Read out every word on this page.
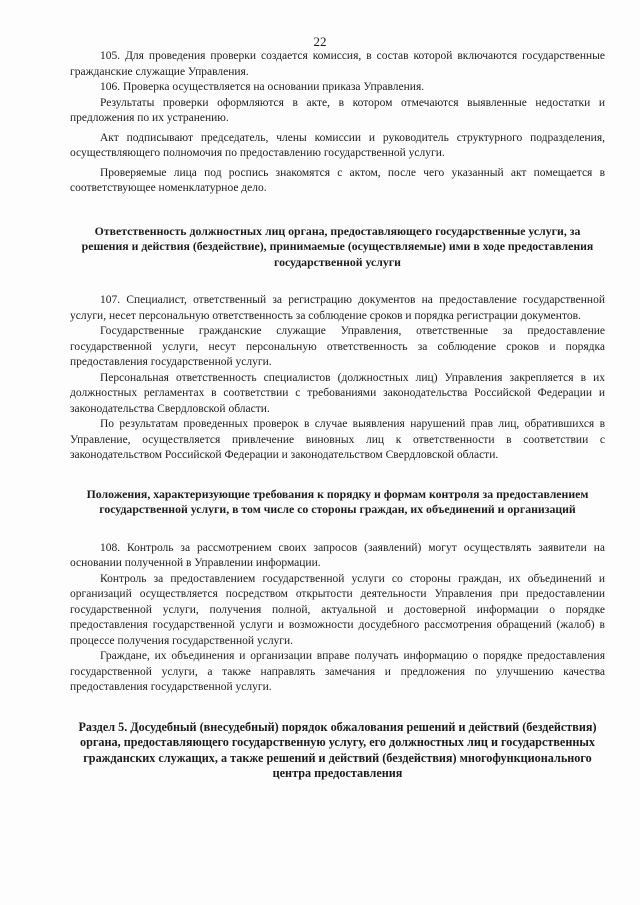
22

105. Для проведения проверки создается комиссия, в состав которой включаются государственные гражданские служащие Управления.

106. Проверка осуществляется на основании приказа Управления.

Результаты проверки оформляются в акте, в котором отмечаются выявленные недостатки и предложения по их устранению.

Акт подписывают председатель, члены комиссии и руководитель структурного подразделения, осуществляющего полномочия по предоставлению государственной услуги.

Проверяемые лица под роспись знакомятся с актом, после чего указанный акт помещается в соответствующее номенклатурное дело.

Ответственность должностных лиц органа, предоставляющего государственные услуги, за решения и действия (бездействие), принимаемые (осуществляемые) ими в ходе предоставления государственной услуги

107. Специалист, ответственный за регистрацию документов на предоставление государственной услуги, несет персональную ответственность за соблюдение сроков и порядка регистрации документов.

Государственные гражданские служащие Управления, ответственные за предоставление государственной услуги, несут персональную ответственность за соблюдение сроков и порядка предоставления государственной услуги.

Персональная ответственность специалистов (должностных лиц) Управления закрепляется в их должностных регламентах в соответствии с требованиями законодательства Российской Федерации и законодательства Свердловской области.

По результатам проведенных проверок в случае выявления нарушений прав лиц, обратившихся в Управление, осуществляется привлечение виновных лиц к ответственности в соответствии с законодательством Российской Федерации и законодательством Свердловской области.

Положения, характеризующие требования к порядку и формам контроля за предоставлением государственной услуги, в том числе со стороны граждан, их объединений и организаций

108. Контроль за рассмотрением своих запросов (заявлений) могут осуществлять заявители на основании полученной в Управлении информации.

Контроль за предоставлением государственной услуги со стороны граждан, их объединений и организаций осуществляется посредством открытости деятельности Управления при предоставлении государственной услуги, получения полной, актуальной и достоверной информации о порядке предоставления государственной услуги и возможности досудебного рассмотрения обращений (жалоб) в процессе получения государственной услуги.

Граждане, их объединения и организации вправе получать информацию о порядке предоставления государственной услуги, а также направлять замечания и предложения по улучшению качества предоставления государственной услуги.

Раздел 5. Досудебный (внесудебный) порядок обжалования решений и действий (бездействия) органа, предоставляющего государственную услугу, его должностных лиц и государственных гражданских служащих, а также решений и действий (бездействия) многофункционального центра предоставления
